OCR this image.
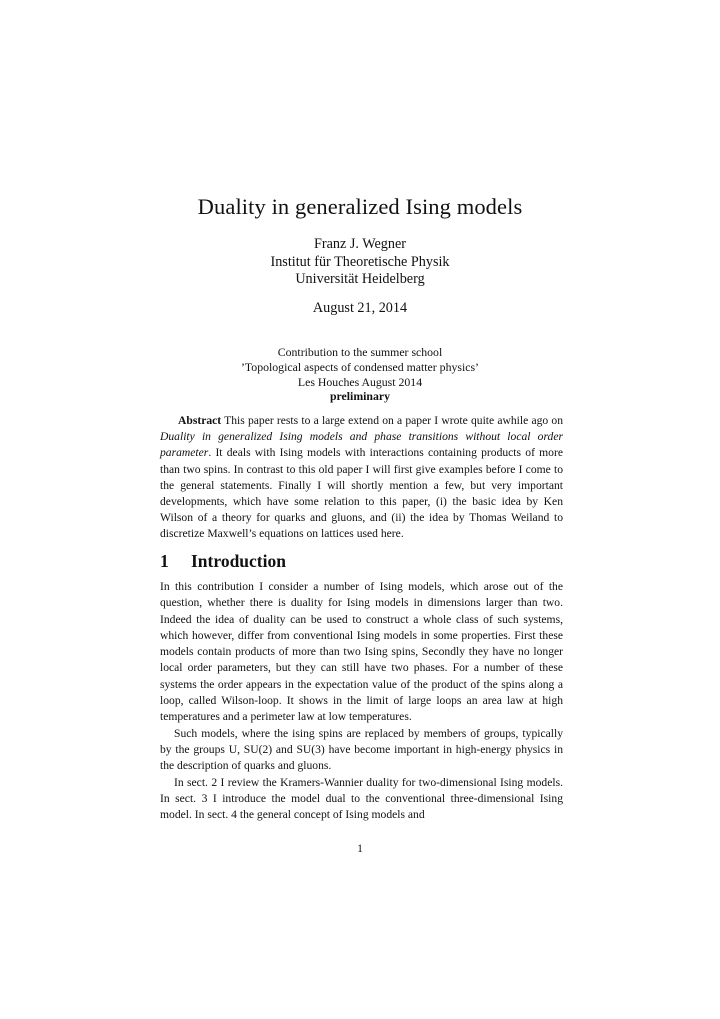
Duality in generalized Ising models
Franz J. Wegner
Institut für Theoretische Physik
Universität Heidelberg
August 21, 2014
Contribution to the summer school
’Topological aspects of condensed matter physics’
Les Houches August 2014
preliminary
Abstract This paper rests to a large extend on a paper I wrote quite awhile ago on Duality in generalized Ising models and phase transitions without local order parameter. It deals with Ising models with interactions containing products of more than two spins. In contrast to this old paper I will first give examples before I come to the general statements. Finally I will shortly mention a few, but very important developments, which have some relation to this paper, (i) the basic idea by Ken Wilson of a theory for quarks and gluons, and (ii) the idea by Thomas Weiland to discretize Maxwell’s equations on lattices used here.
1 Introduction

In this contribution I consider a number of Ising models, which arose out of the question, whether there is duality for Ising models in dimensions larger than two. Indeed the idea of duality can be used to construct a whole class of such systems, which however, differ from conventional Ising models in some properties. First these models contain products of more than two Ising spins, Secondly they have no longer local order parameters, but they can still have two phases. For a number of these systems the order appears in the expectation value of the product of the spins along a loop, called Wilson-loop. It shows in the limit of large loops an area law at high temperatures and a perimeter law at low temperatures.

Such models, where the ising spins are replaced by members of groups, typically by the groups U, SU(2) and SU(3) have become important in high-energy physics in the description of quarks and gluons.

In sect. 2 I review the Kramers-Wannier duality for two-dimensional Ising models. In sect. 3 I introduce the model dual to the conventional three-dimensional Ising model. In sect. 4 the general concept of Ising models and

1
